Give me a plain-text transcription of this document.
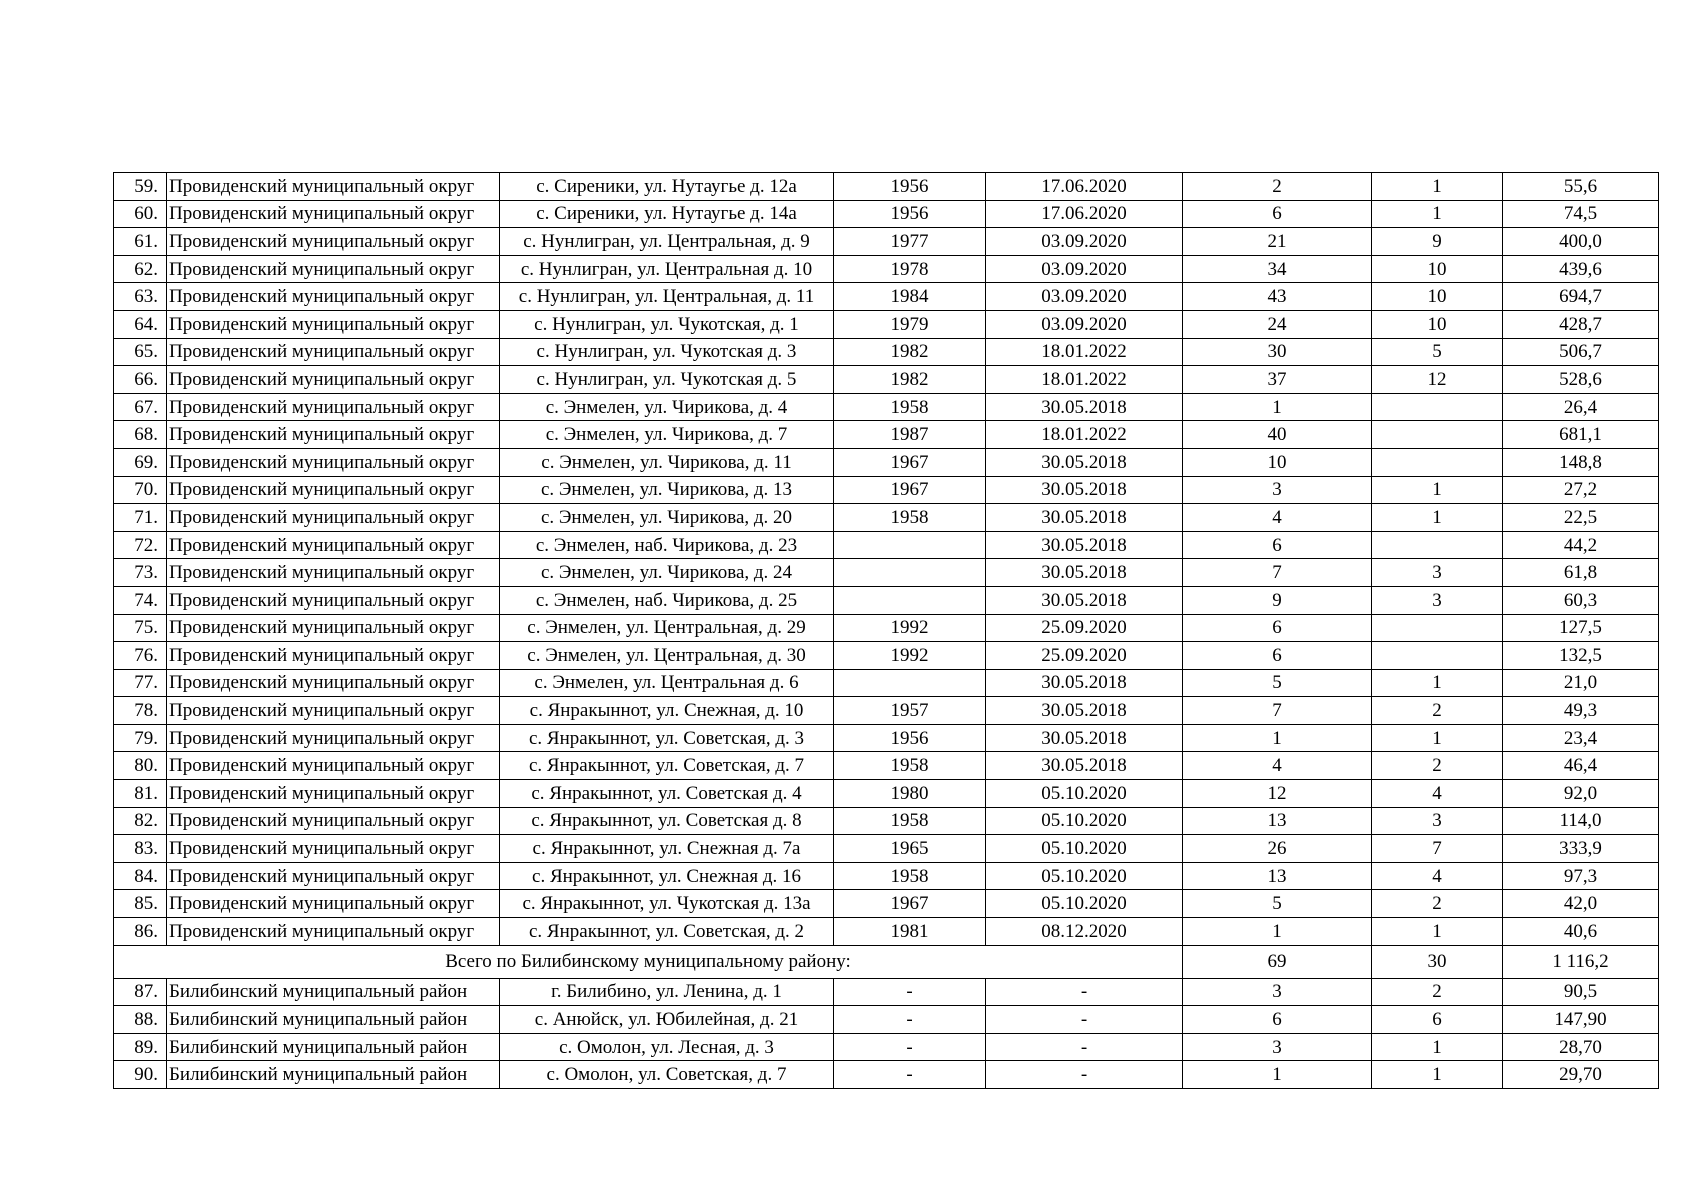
59.	Провиденский муниципальный округ	с. Сиреники, ул. Нутаугье д. 12а	1956	17.06.2020	2	1	55,6
60.	Провиденский муниципальный округ	с. Сиреники, ул. Нутаугье д. 14а	1956	17.06.2020	6	1	74,5
61.	Провиденский муниципальный округ	с. Нунлигран, ул. Центральная, д. 9	1977	03.09.2020	21	9	400,0
62.	Провиденский муниципальный округ	с. Нунлигран, ул. Центральная д. 10	1978	03.09.2020	34	10	439,6
63.	Провиденский муниципальный округ	с. Нунлигран, ул. Центральная, д. 11	1984	03.09.2020	43	10	694,7
64.	Провиденский муниципальный округ	с. Нунлигран, ул. Чукотская, д. 1	1979	03.09.2020	24	10	428,7
65.	Провиденский муниципальный округ	с. Нунлигран, ул. Чукотская д. 3	1982	18.01.2022	30	5	506,7
66.	Провиденский муниципальный округ	с. Нунлигран, ул. Чукотская д. 5	1982	18.01.2022	37	12	528,6
67.	Провиденский муниципальный округ	с. Энмелен, ул. Чирикова, д. 4	1958	30.05.2018	1		26,4
68.	Провиденский муниципальный округ	с. Энмелен, ул. Чирикова, д. 7	1987	18.01.2022	40		681,1
69.	Провиденский муниципальный округ	с. Энмелен, ул. Чирикова, д. 11	1967	30.05.2018	10		148,8
70.	Провиденский муниципальный округ	с. Энмелен, ул. Чирикова, д. 13	1967	30.05.2018	3	1	27,2
71.	Провиденский муниципальный округ	с. Энмелен, ул. Чирикова, д. 20	1958	30.05.2018	4	1	22,5
72.	Провиденский муниципальный округ	с. Энмелен, наб. Чирикова, д. 23		30.05.2018	6		44,2
73.	Провиденский муниципальный округ	с. Энмелен, ул. Чирикова, д. 24		30.05.2018	7	3	61,8
74.	Провиденский муниципальный округ	с. Энмелен, наб. Чирикова, д. 25		30.05.2018	9	3	60,3
75.	Провиденский муниципальный округ	с. Энмелен, ул. Центральная, д. 29	1992	25.09.2020	6		127,5
76.	Провиденский муниципальный округ	с. Энмелен, ул. Центральная, д. 30	1992	25.09.2020	6		132,5
77.	Провиденский муниципальный округ	с. Энмелен, ул. Центральная д. 6		30.05.2018	5	1	21,0
78.	Провиденский муниципальный округ	с. Янракыннот, ул. Снежная, д. 10	1957	30.05.2018	7	2	49,3
79.	Провиденский муниципальный округ	с. Янракыннот, ул. Советская, д. 3	1956	30.05.2018	1	1	23,4
80.	Провиденский муниципальный округ	с. Янракыннот, ул. Советская, д. 7	1958	30.05.2018	4	2	46,4
81.	Провиденский муниципальный округ	с. Янракыннот, ул. Советская д. 4	1980	05.10.2020	12	4	92,0
82.	Провиденский муниципальный округ	с. Янракыннот, ул. Советская д. 8	1958	05.10.2020	13	3	114,0
83.	Провиденский муниципальный округ	с. Янракыннот, ул. Снежная д. 7а	1965	05.10.2020	26	7	333,9
84.	Провиденский муниципальный округ	с. Янракыннот, ул. Снежная д. 16	1958	05.10.2020	13	4	97,3
85.	Провиденский муниципальный округ	с. Янракыннот, ул. Чукотская д. 13а	1967	05.10.2020	5	2	42,0
86.	Провиденский муниципальный округ	с. Янракыннот, ул. Советская, д. 2	1981	08.12.2020	1	1	40,6
Всего по Билибинскому муниципальному району:					69	30	1 116,2
87.	Билибинский муниципальный район	г. Билибино, ул. Ленина, д. 1	-	-	3	2	90,5
88.	Билибинский муниципальный район	с. Анюйск, ул. Юбилейная, д. 21	-	-	6	6	147,90
89.	Билибинский муниципальный район	с. Омолон, ул. Лесная, д. 3	-	-	3	1	28,70
90.	Билибинский муниципальный район	с. Омолон, ул. Советская, д. 7	-	-	1	1	29,70
